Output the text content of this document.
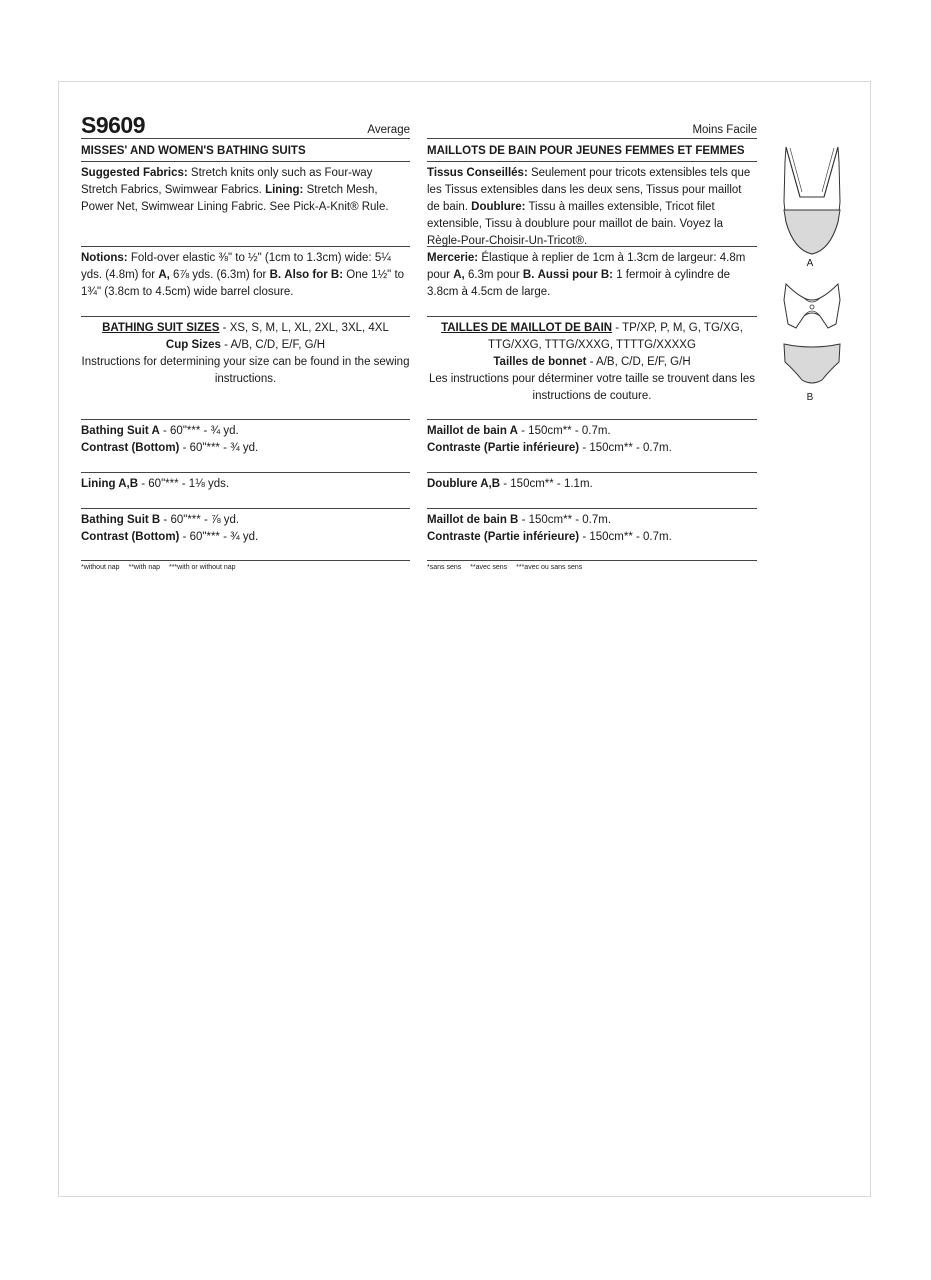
S9609	Average
MISSES' AND WOMEN'S BATHING SUITS
Suggested Fabrics: Stretch knits only such as Four-way Stretch Fabrics, Swimwear Fabrics. Lining: Stretch Mesh, Power Net, Swimwear Lining Fabric. See Pick-A-Knit® Rule.
Notions: Fold-over elastic ⅜" to ½" (1cm to 1.3cm) wide: 5¼ yds. (4.8m) for A, 6⅞ yds. (6.3m) for B. Also for B: One 1½" to 1¾" (3.8cm to 4.5cm) wide barrel closure.
BATHING SUIT SIZES - XS, S, M, L, XL, 2XL, 3XL, 4XL
Cup Sizes - A/B, C/D, E/F, G/H
Instructions for determining your size can be found in the sewing instructions.
Bathing Suit A - 60"*** - ¾ yd.
Contrast (Bottom) - 60"*** - ¾ yd.
Lining A,B - 60"*** - 1⅛ yds.
Bathing Suit B - 60"*** - ⅞ yd.
Contrast (Bottom) - 60"*** - ¾ yd.
*without nap **with nap ***with or without nap
Moins Facile
MAILLOTS DE BAIN POUR JEUNES FEMMES ET FEMMES
Tissus Conseillés: Seulement pour tricots extensibles tels que les Tissus extensibles dans les deux sens, Tissus pour maillot de bain. Doublure: Tissu à mailles extensible, Tricot filet extensible, Tissu à doublure pour maillot de bain. Voyez la Règle-Pour-Choisir-Un-Tricot®.
Mercerie: Élastique à replier de 1cm à 1.3cm de largeur: 4.8m pour A, 6.3m pour B. Aussi pour B: 1 fermoir à cylindre de 3.8cm à 4.5cm de large.
TAILLES DE MAILLOT DE BAIN - TP/XP, P, M, G, TG/XG, TTG/XXG, TTTG/XXXG, TTTTG/XXXXG
Tailles de bonnet - A/B, C/D, E/F, G/H
Les instructions pour déterminer votre taille se trouvent dans les instructions de couture.
Maillot de bain A - 150cm** - 0.7m.
Contraste (Partie inférieure) - 150cm** - 0.7m.
Doublure A,B - 150cm** - 1.1m.
Maillot de bain B - 150cm** - 0.7m.
Contraste (Partie inférieure) - 150cm** - 0.7m.
*sans sens **avec sens ***avec ou sans sens
A
B
